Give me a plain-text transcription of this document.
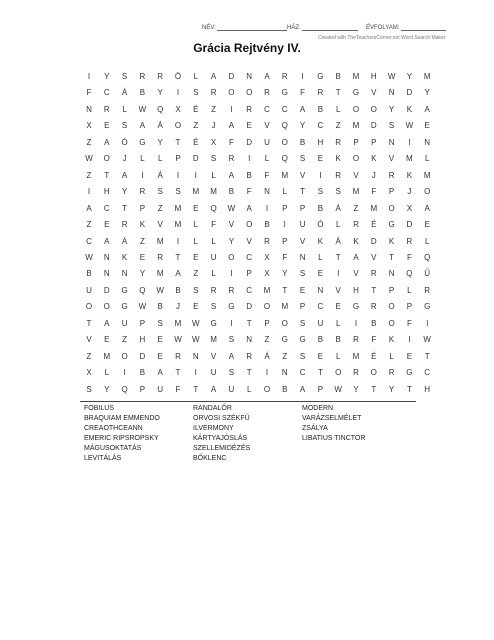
NÉV:	HÁZ:	ÉVFOLYAM:
Created with TheTeachersCorner.net Word Search Maker
Grácia Rejtvény IV.
I	Y	S	R	R	Ö	L	A	D	N	A	R	I	G	B	M	H	W	Y	M
F	C	Á	B	Y	I	S	R	O	O	R	G	F	R	T	G	V	N	D	Y
N	R	L	W	Q	X	É	Z	I	R	C	C	A	B	L	O	O	Y	K	A
X	E	S	A	Á	O	Z	J	A	E	V	Q	Y	C	Z	M	D	S	W	E
Z	A	Ó	G	Y	T	É	X	F	D	U	O	B	H	R	P	P	N	I	N
W	O	J	L	L	P	D	S	R	I	L	Q	S	E	K	O	K	V	M	L
Z	T	A	I	Á	I	I	L	A	B	F	M	V	I	R	V	J	R	K	M
I	H	Y	R	S	S	M	M	B	F	N	L	T	S	S	M	F	P	J	O
A	C	T	P	Z	M	E	Q	W	A	I	P	P	B	Á	Z	M	O	X	A
Z	E	R	K	V	M	L	F	V	O	B	I	U	Ó	L	R	É	G	D	E
C	A	Á	Z	M	I	L	L	Y	V	R	P	V	K	Á	K	D	K	R	L
W	N	K	E	R	T	E	U	O	C	X	F	N	L	T	A	V	T	F	Q
B	N	N	Y	M	A	Z	L	I	P	X	Y	S	E	I	V	R	N	Q	Ű
U	D	G	Q	W	B	S	R	R	C	M	T	E	N	V	H	T	P	L	R
O	O	G	W	B	J	E	S	G	D	O	M	P	C	E	G	R	O	P	G
T	A	U	P	S	M	W	G	I	T	P	O	S	U	L	I	B	O	F	I
V	E	Z	H	E	W	W	M	S	N	Z	G	G	B	B	R	F	K	I	W
Z	M	O	D	E	R	N	V	A	R	Á	Z	S	E	L	M	É	L	E	T
X	L	I	B	A	T	I	U	S	T	I	N	C	T	O	R	O	R	G	C
S	Y	Q	P	U	F	T	A	U	L	O	B	A	P	W	Y	T	Y	T	H
FOBILUS
BRAQUIAM EMMENDO
CREAOTHCEANN
EMERIC RIPSROPSKY
MÁGUSOKTATÁS
LEVITÁLÁS
RANDALŐR
ORVOSI SZÉKFŰ
ILVERMONY
KÁRTYAJÓSLÁS
SZELLEMIDÉZÉS
BŐKLENC
MODERN
VARÁZSELMÉLET
ZSÁLYA
LIBATIUS TINCTOR
